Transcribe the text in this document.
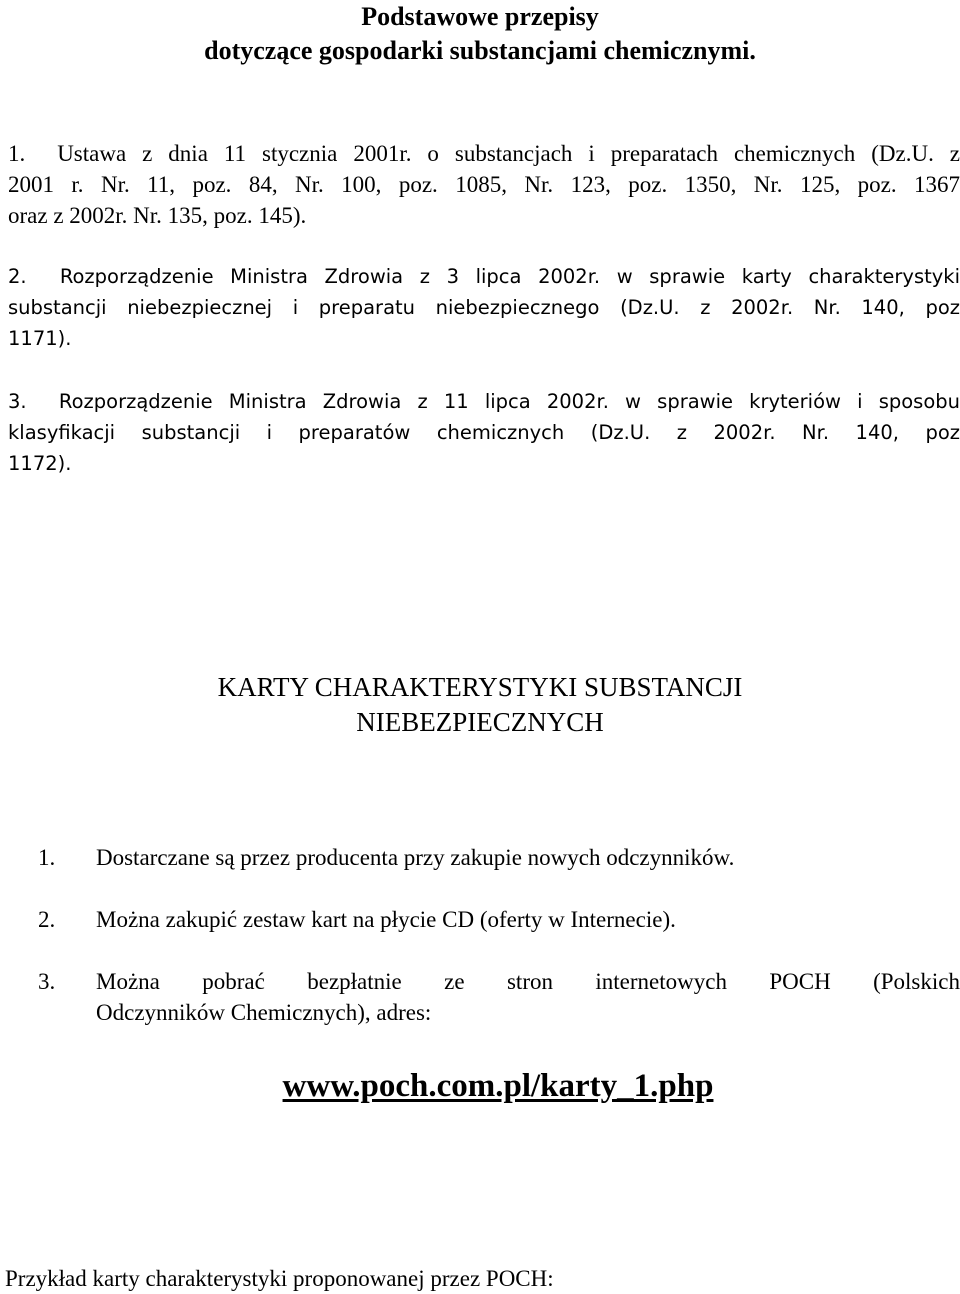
Podstawowe przepisy
dotyczące gospodarki substancjami chemicznymi.
1. Ustawa z dnia 11 stycznia 2001r. o substancjach i preparatach chemicznych (Dz.U. z
2001 r. Nr. 11, poz. 84, Nr. 100, poz. 1085, Nr. 123, poz. 1350, Nr. 125, poz. 1367
oraz z 2002r. Nr. 135, poz. 145).
2. Rozporządzenie Ministra Zdrowia z 3 lipca 2002r. w sprawie karty charakterystyki
substancji niebezpiecznej i preparatu niebezpiecznego (Dz.U. z 2002r. Nr. 140, poz
1171).
3. Rozporządzenie Ministra Zdrowia z 11 lipca 2002r. w sprawie kryteriów i sposobu
klasyfikacji substancji i preparatów chemicznych (Dz.U. z 2002r. Nr. 140, poz
1172).
KARTY CHARAKTERYSTYKI SUBSTANCJI
NIEBEZPIECZNYCH
1. Dostarczane są przez producenta przy zakupie nowych odczynników.
2. Można zakupić zestaw kart na płycie CD (oferty w Internecie).
3. Można pobrać bezpłatnie ze stron internetowych POCH (Polskich
Odczynników Chemicznych), adres:
www.poch.com.pl/karty_1.php
Przykład karty charakterystyki proponowanej przez POCH:
